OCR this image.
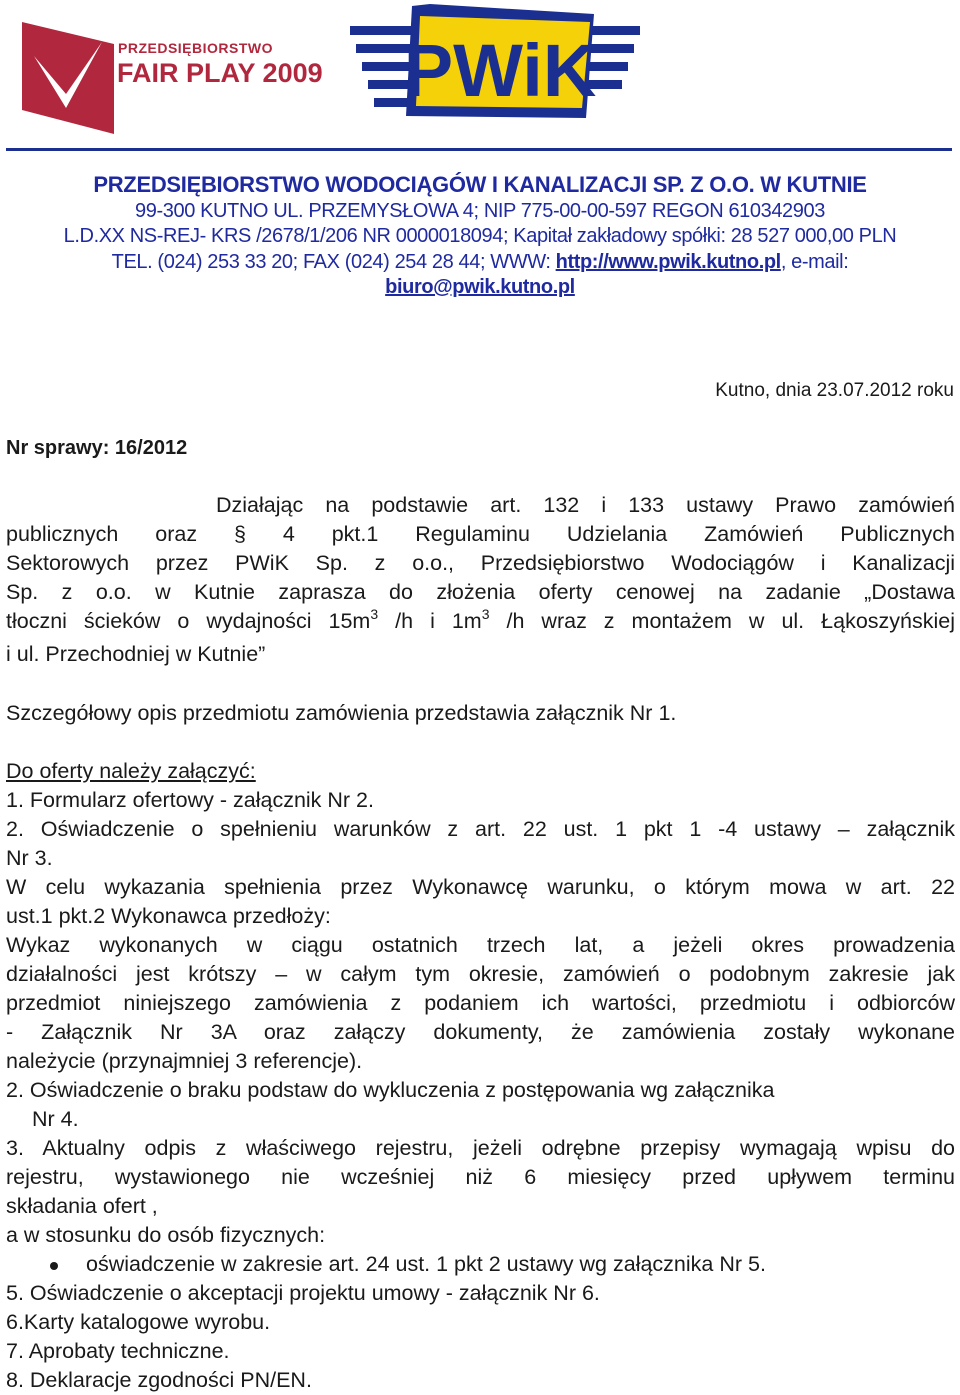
PRZEDSIĘBIORSTWO
FAIR PLAY 2009 PWiK
PRZEDSIĘBIORSTWO WODOCIĄGÓW I KANALIZACJI SP. Z O.O. W KUTNIE
99-300 KUTNO UL. PRZEMYSŁOWA 4; NIP 775-00-00-597 REGON 610342903
L.D.XX NS-REJ- KRS /2678/1/206 NR 0000018094; Kapitał zakładowy spółki: 28 527 000,00 PLN
TEL. (024) 253 33 20; FAX (024) 254 28 44; WWW: http://www.pwik.kutno.pl, e-mail:
biuro@pwik.kutno.pl
Kutno, dnia 23.07.2012 roku
Nr sprawy: 16/2012
Działając na podstawie art. 132 i 133 ustawy Prawo zamówień
publicznych oraz § 4 pkt.1 Regulaminu Udzielania Zamówień Publicznych
Sektorowych przez PWiK Sp. z o.o., Przedsiębiorstwo Wodociągów i Kanalizacji
Sp. z o.o. w Kutnie zaprasza do złożenia oferty cenowej na zadanie „Dostawa
tłoczni ścieków o wydajności $15m^3$ /h i $1m^3$ /h wraz z montażem w ul. Łąkoszyńskiej
i ul. Przechodniej w Kutnie”
Szczegółowy opis przedmiotu zamówienia przedstawia załącznik Nr 1.
Do oferty należy załączyć:
1. Formularz ofertowy - załącznik Nr 2.
2. Oświadczenie o spełnieniu warunków z art. 22 ust. 1 pkt 1 -4 ustawy – załącznik
Nr 3.
W celu wykazania spełnienia przez Wykonawcę warunku, o którym mowa w art. 22
ust.1 pkt.2 Wykonawca przedłoży:
Wykaz wykonanych w ciągu ostatnich trzech lat, a jeżeli okres prowadzenia
działalności jest krótszy – w całym tym okresie, zamówień o podobnym zakresie jak
przedmiot niniejszego zamówienia z podaniem ich wartości, przedmiotu i odbiorców
- Załącznik Nr 3A oraz załączy dokumenty, że zamówienia zostały wykonane
należycie (przynajmniej 3 referencje).
2. Oświadczenie o braku podstaw do wykluczenia z postępowania wg załącznika
Nr 4.
3. Aktualny odpis z właściwego rejestru, jeżeli odrębne przepisy wymagają wpisu do
rejestru, wystawionego nie wcześniej niż 6 miesięcy przed upływem terminu
składania ofert ,
a w stosunku do osób fizycznych:
oświadczenie w zakresie art. 24 ust. 1 pkt 2 ustawy wg załącznika Nr 5.
5. Oświadczenie o akceptacji projektu umowy - załącznik Nr 6.
6.Karty katalogowe wyrobu.
7. Aprobaty techniczne.
8. Deklaracje zgodności PN/EN.
